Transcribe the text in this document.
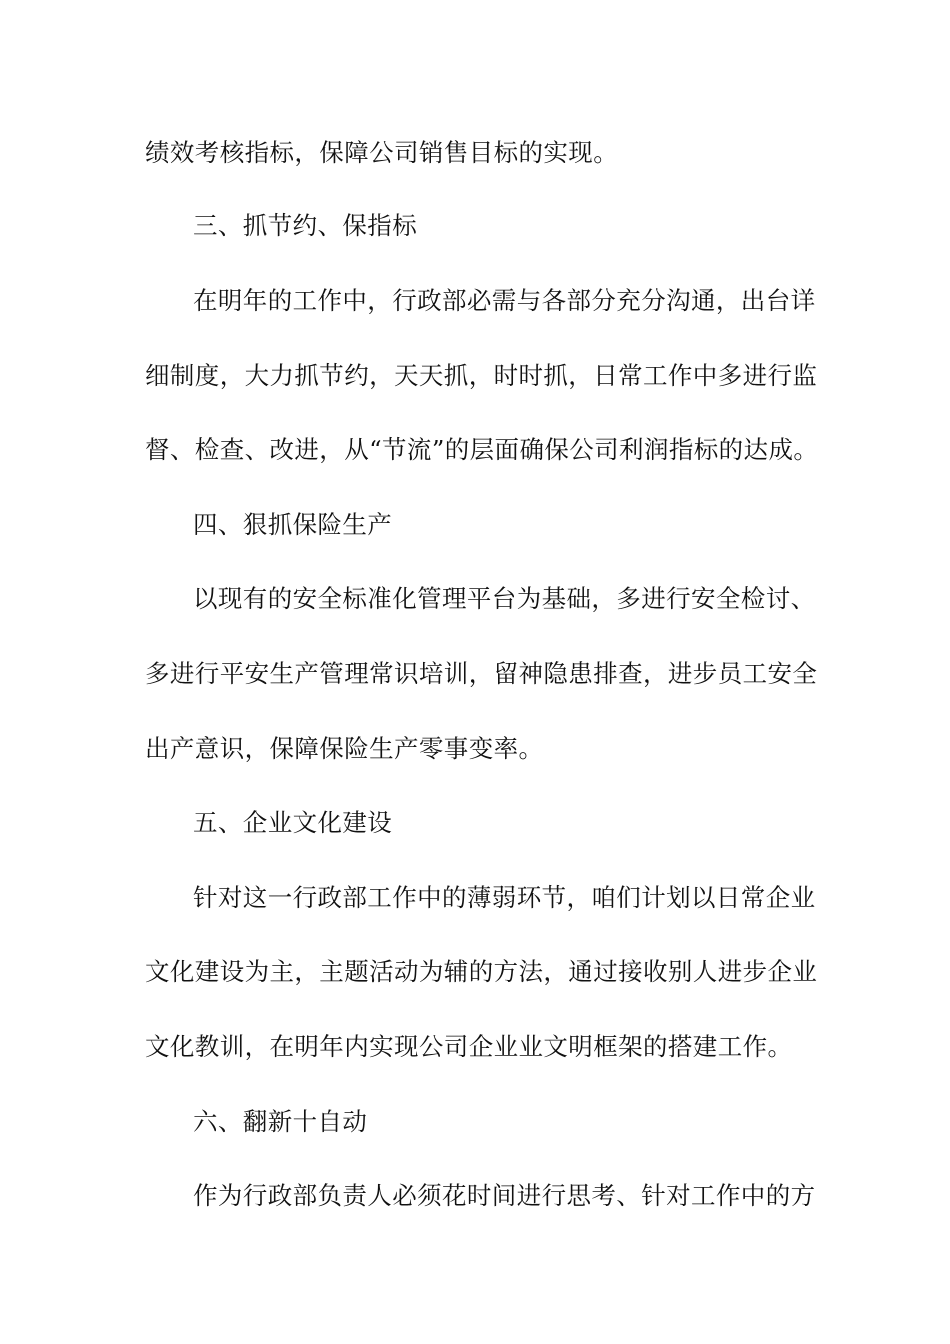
绩效考核指标，保障公司销售目标的实现。
三、抓节约、保指标
在明年的工作中，行政部必需与各部分充分沟通，出台详
细制度，大力抓节约，天天抓，时时抓，日常工作中多进行监
督、检查、改进，从“节流”的层面确保公司利润指标的达成。
四、狠抓保险生产
以现有的安全标准化管理平台为基础，多进行安全检讨、
多进行平安生产管理常识培训，留神隐患排查，进步员工安全
出产意识，保障保险生产零事变率。
五、企业文化建设
针对这一行政部工作中的薄弱环节，咱们计划以日常企业
文化建设为主，主题活动为辅的方法，通过接收别人进步企业
文化教训，在明年内实现公司企业业文明框架的搭建工作。
六、翻新十自动
作为行政部负责人必须花时间进行思考、针对工作中的方
